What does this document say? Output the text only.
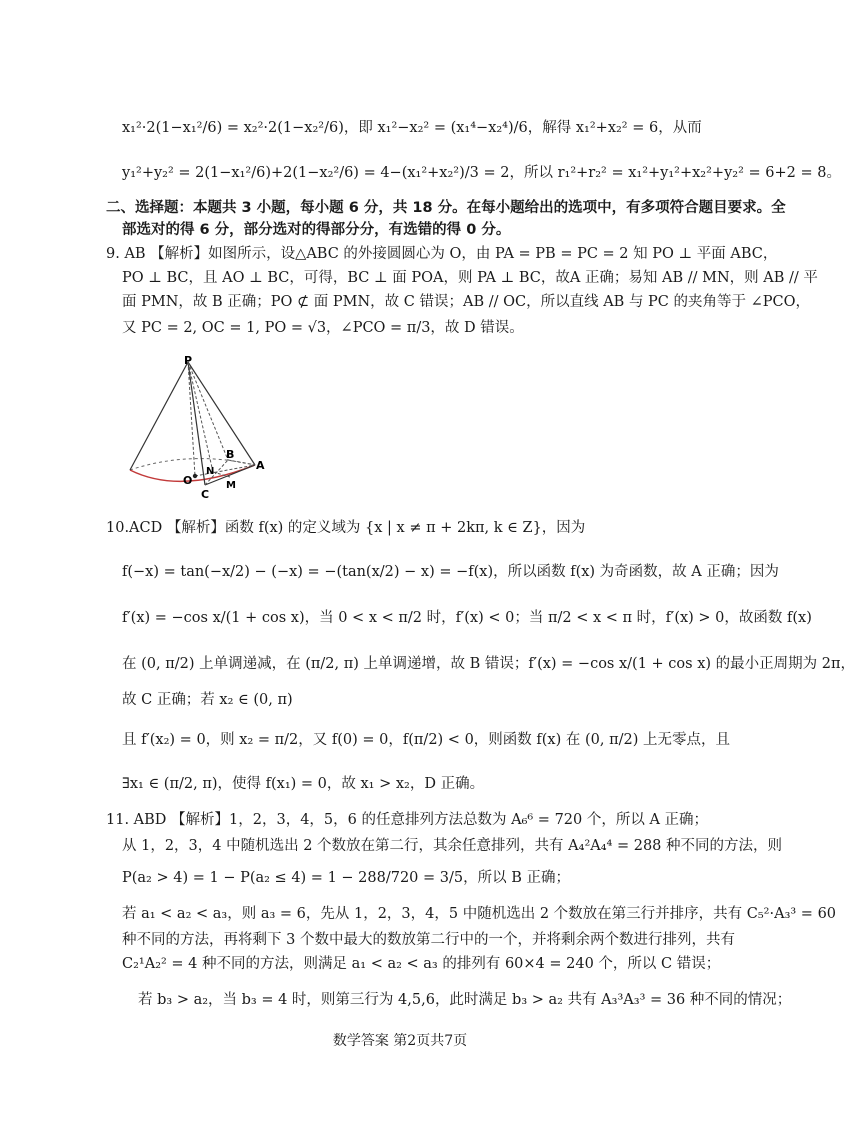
x₁²·2(1−x₁²/6) = x₂²·2(1−x₂²/6)，即 x₁²−x₂² = (x₁⁴−x₂⁴)/6，解得 x₁²+x₂² = 6，从而
y₁²+y₂² = 2(1−x₁²/6)+2(1−x₂²/6) = 4−(x₁²+x₂²)/3 = 2，所以 r₁²+r₂² = x₁²+y₁²+x₂²+y₂² = 6+2 = 8。
二、选择题：本题共 3 小题，每小题 6 分，共 18 分。在每小题给出的选项中，有多项符合题目要求。全
部选对的得 6 分，部分选对的得部分分，有选错的得 0 分。
9. AB 【解析】如图所示，设△ABC 的外接圆圆心为 O，由 PA = PB = PC = 2 知 PO ⊥ 平面 ABC，
PO ⊥ BC，且 AO ⊥ BC，可得，BC ⊥ 面 POA，则 PA ⊥ BC，故A 正确；易知 AB // MN，则 AB // 平
面 PMN，故 B 正确；PO ⊄ 面 PMN，故 C 错误；AB // OC，所以直线 AB 与 PC 的夹角等于 ∠PCO，
又 PC = 2, OC = 1, PO = √3，∠PCO = π/3，故 D 错误。
P
O
C
N
B
A
M
10.ACD 【解析】函数 f(x) 的定义域为 {x | x ≠ π + 2kπ, k ∈ Z}，因为
f(−x) = tan(−x/2) − (−x) = −(tan(x/2) − x) = −f(x)，所以函数 f(x) 为奇函数，故 A 正确；因为
f′(x) = −cos x/(1 + cos x)，当 0 < x < π/2 时，f′(x) < 0；当 π/2 < x < π 时，f′(x) > 0，故函数 f(x)
在 (0, π/2) 上单调递减，在 (π/2, π) 上单调递增，故 B 错误；f′(x) = −cos x/(1 + cos x) 的最小正周期为 2π，
故 C 正确；若 x₂ ∈ (0, π)
且 f′(x₂) = 0，则 x₂ = π/2，又 f(0) = 0，f(π/2) < 0，则函数 f(x) 在 (0, π/2) 上无零点，且
∃x₁ ∈ (π/2, π)，使得 f(x₁) = 0，故 x₁ > x₂，D 正确。
11. ABD 【解析】1，2，3，4，5，6 的任意排列方法总数为 A₆⁶ = 720 个，所以 A 正确；
从 1，2，3，4 中随机选出 2 个数放在第二行，其余任意排列，共有 A₄²A₄⁴ = 288 种不同的方法，则
P(a₂ > 4) = 1 − P(a₂ ≤ 4) = 1 − 288/720 = 3/5，所以 B 正确；
若 a₁ < a₂ < a₃，则 a₃ = 6，先从 1，2，3，4，5 中随机选出 2 个数放在第三行并排序，共有 C₅²·A₃³ = 60
种不同的方法，再将剩下 3 个数中最大的数放第二行中的一个，并将剩余两个数进行排列，共有
C₂¹A₂² = 4 种不同的方法，则满足 a₁ < a₂ < a₃ 的排列有 60×4 = 240 个，所以 C 错误；
若 b₃ > a₂，当 b₃ = 4 时，则第三行为 4,5,6，此时满足 b₃ > a₂ 共有 A₃³A₃³ = 36 种不同的情况；
数学答案 第2页共7页
